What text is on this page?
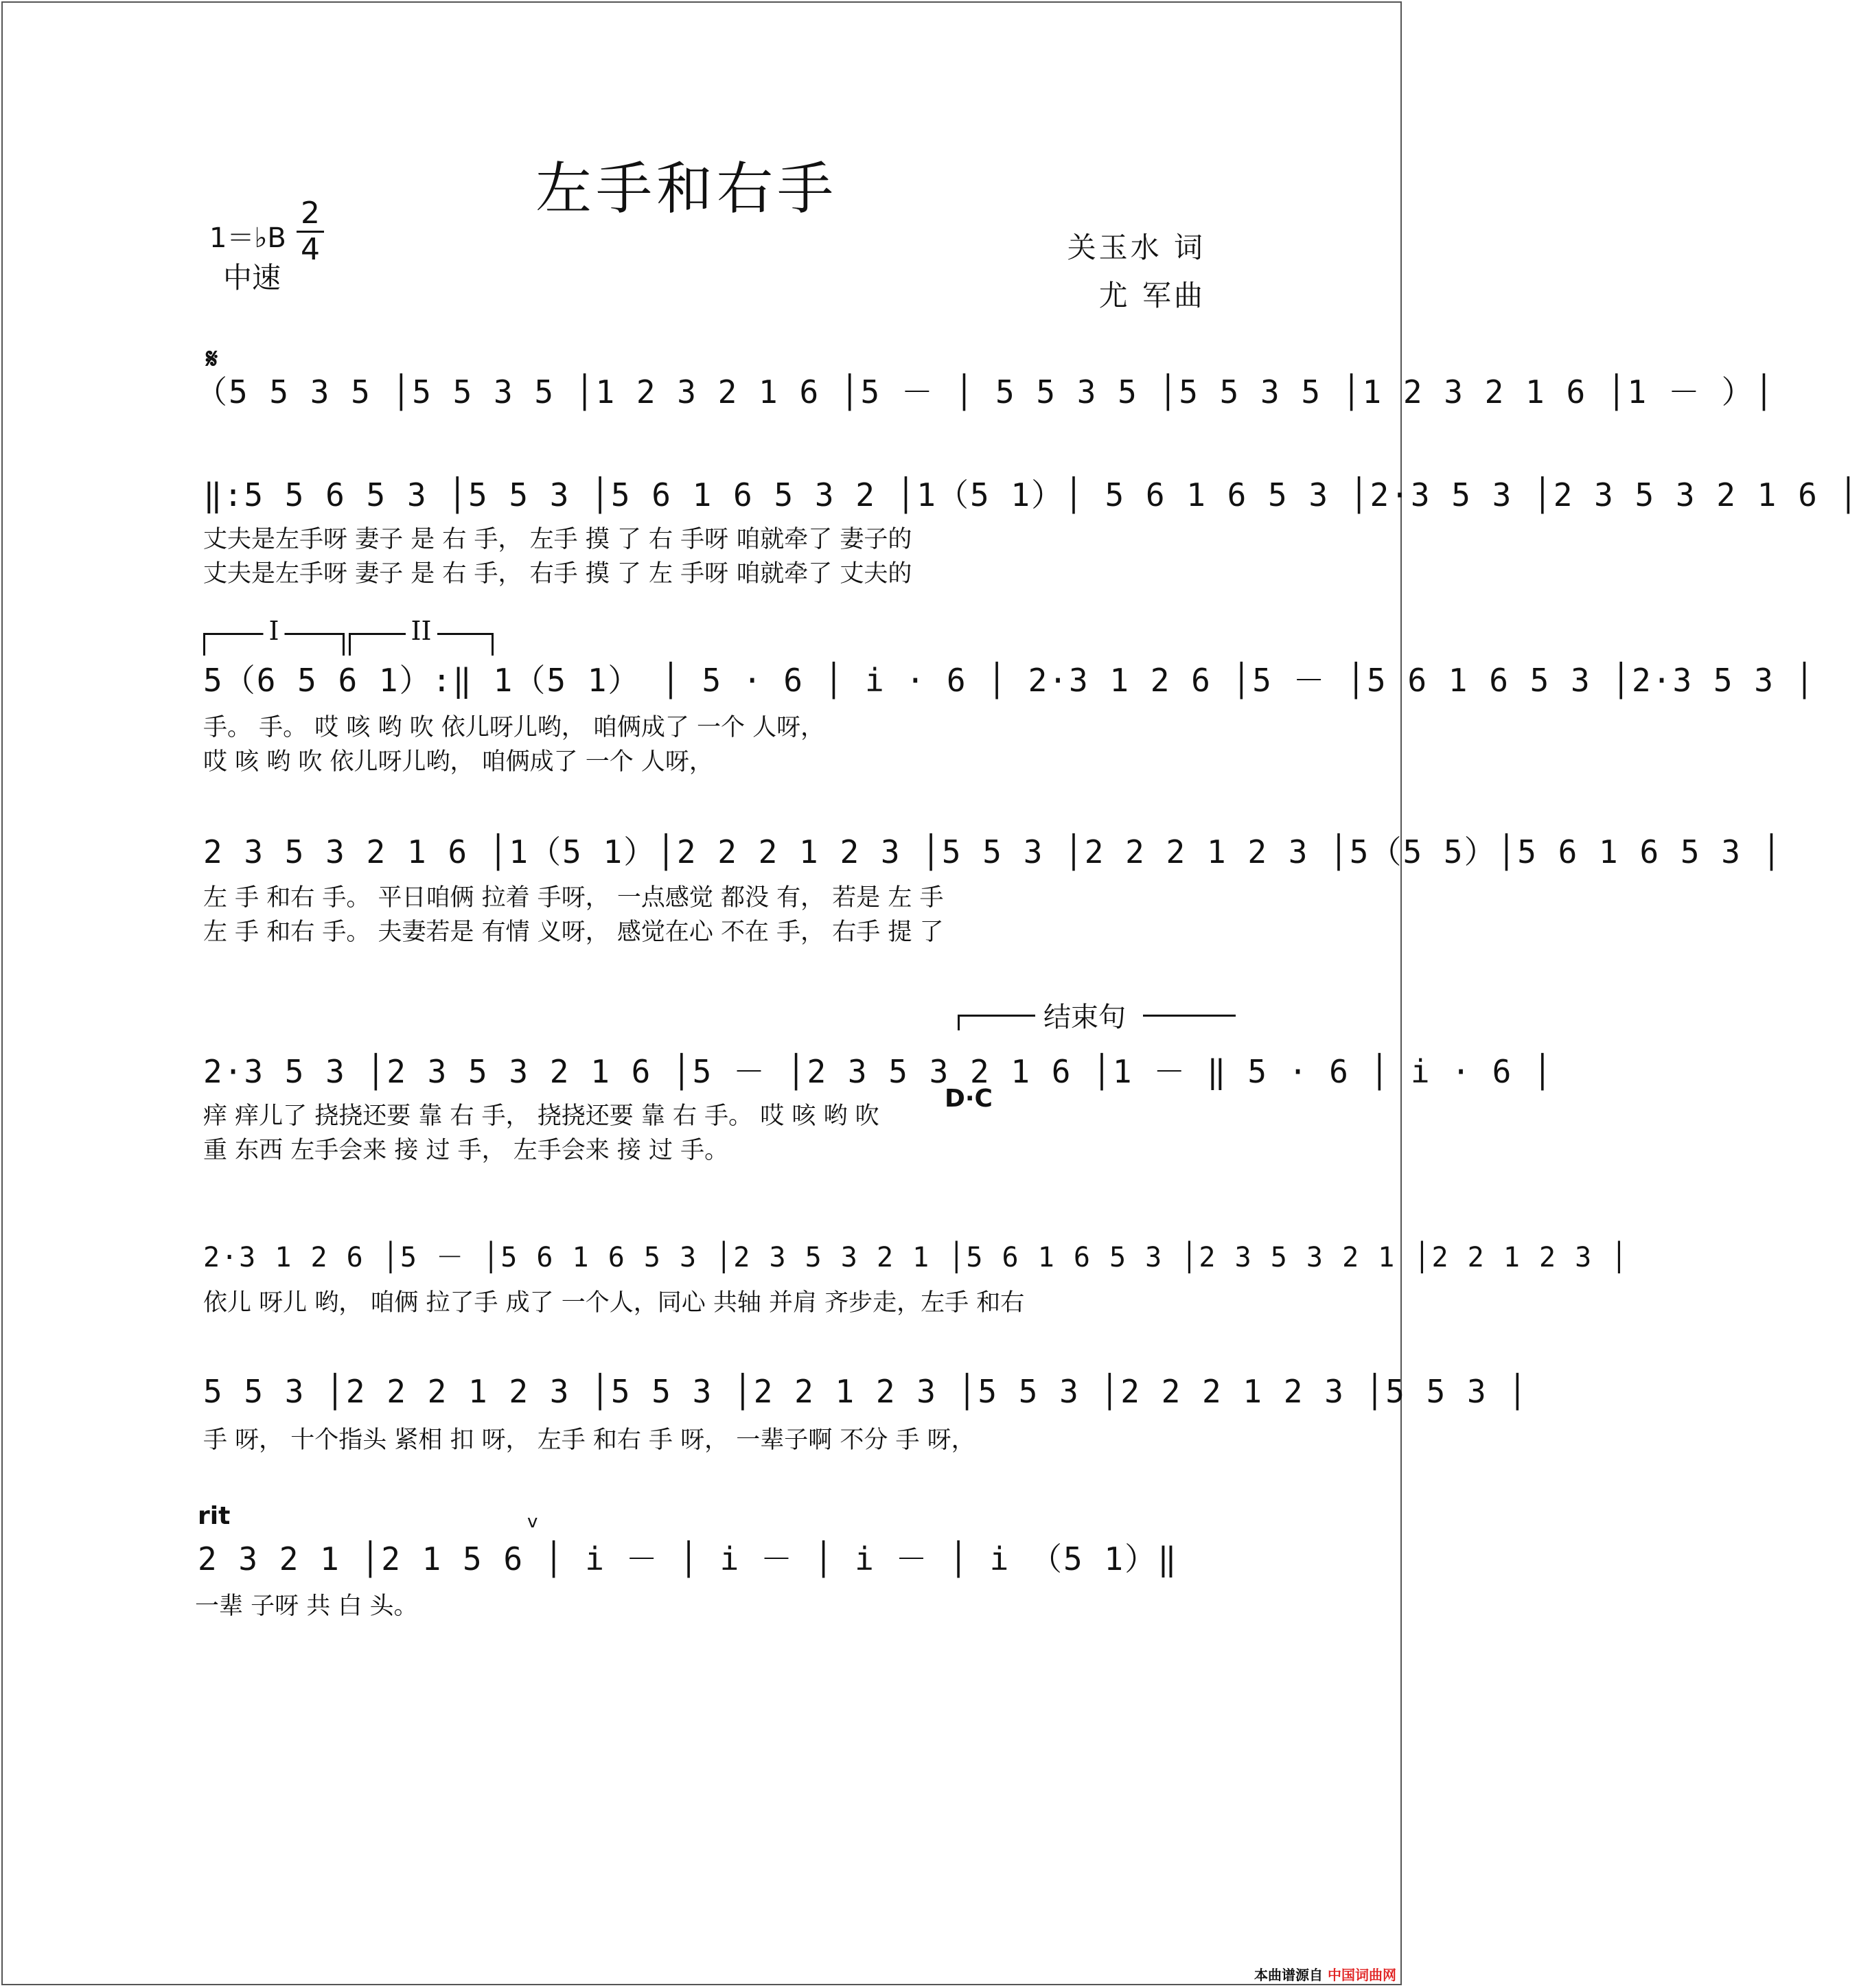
左手和右手
1＝♭B
2
4
中速
关玉水 词
尤 军曲
𝄋
（5 5 3 5 │5 5 3 5 │1 2 3 2 1 6 │5 － │ 5 5 3 5 │5 5 3 5 │1 2 3 2 1 6 │1 － ）│
‖:5 5 6 5 3 │5 5 3 │5 6 1 6 5 3 2 │1（5 1）│ 5 6 1 6 5 3 │2·3 5 3 │2 3 5 3 2 1 6 │
丈夫是左手呀 妻子 是 右 手， 左手 摸 了 右 手呀 咱就牵了 妻子的
丈夫是左手呀 妻子 是 右 手， 右手 摸 了 左 手呀 咱就牵了 丈夫的
I	II
5（6 5 6 1）:‖ 1（5 1） │ 5 · 6 │ i · 6 │ 2·3 1 2 6 │5 － │5 6 1 6 5 3 │2·3 5 3 │
手。 手。 哎 咳 哟 吹 依儿呀儿哟， 咱俩成了 一个 人呀，
哎 咳 哟 吹 依儿呀儿哟， 咱俩成了 一个 人呀，
2 3 5 3 2 1 6 │1（5 1）│2 2 2 1 2 3 │5 5 3 │2 2 2 1 2 3 │5（5 5）│5 6 1 6 5 3 │
左 手 和右 手。 平日咱俩 拉着 手呀， 一点感觉 都没 有， 若是 左 手
左 手 和右 手。 夫妻若是 有情 义呀， 感觉在心 不在 手， 右手 提 了
结束句
2·3 5 3 │2 3 5 3 2 1 6 │5 － │2 3 5 3 2 1 6 │1 － ‖ 5 · 6 │ i · 6 │
D·C
痒 痒儿了 挠挠还要 靠 右 手， 挠挠还要 靠 右 手。 哎 咳 哟 吹
重 东西 左手会来 接 过 手， 左手会来 接 过 手。
2·3 1 2 6 │5 － │5 6 1 6 5 3 │2 3 5 3 2 1 │5 6 1 6 5 3 │2 3 5 3 2 1 │2 2 1 2 3 │
依儿 呀儿 哟， 咱俩 拉了手 成了 一个人，同心 共轴 并肩 齐步走，左手 和右
5 5 3 │2 2 2 1 2 3 │5 5 3 │2 2 1 2 3 │5 5 3 │2 2 2 1 2 3 │5 5 3 │
手 呀， 十个指头 紧相 扣 呀， 左手 和右 手 呀， 一辈子啊 不分 手 呀，
rit	v
2 3 2 1 │2 1 5 6 │ i － │ i － │ i － │ i （5 1）‖
一辈 子呀 共 白 头。
本曲谱源自 中国词曲网
